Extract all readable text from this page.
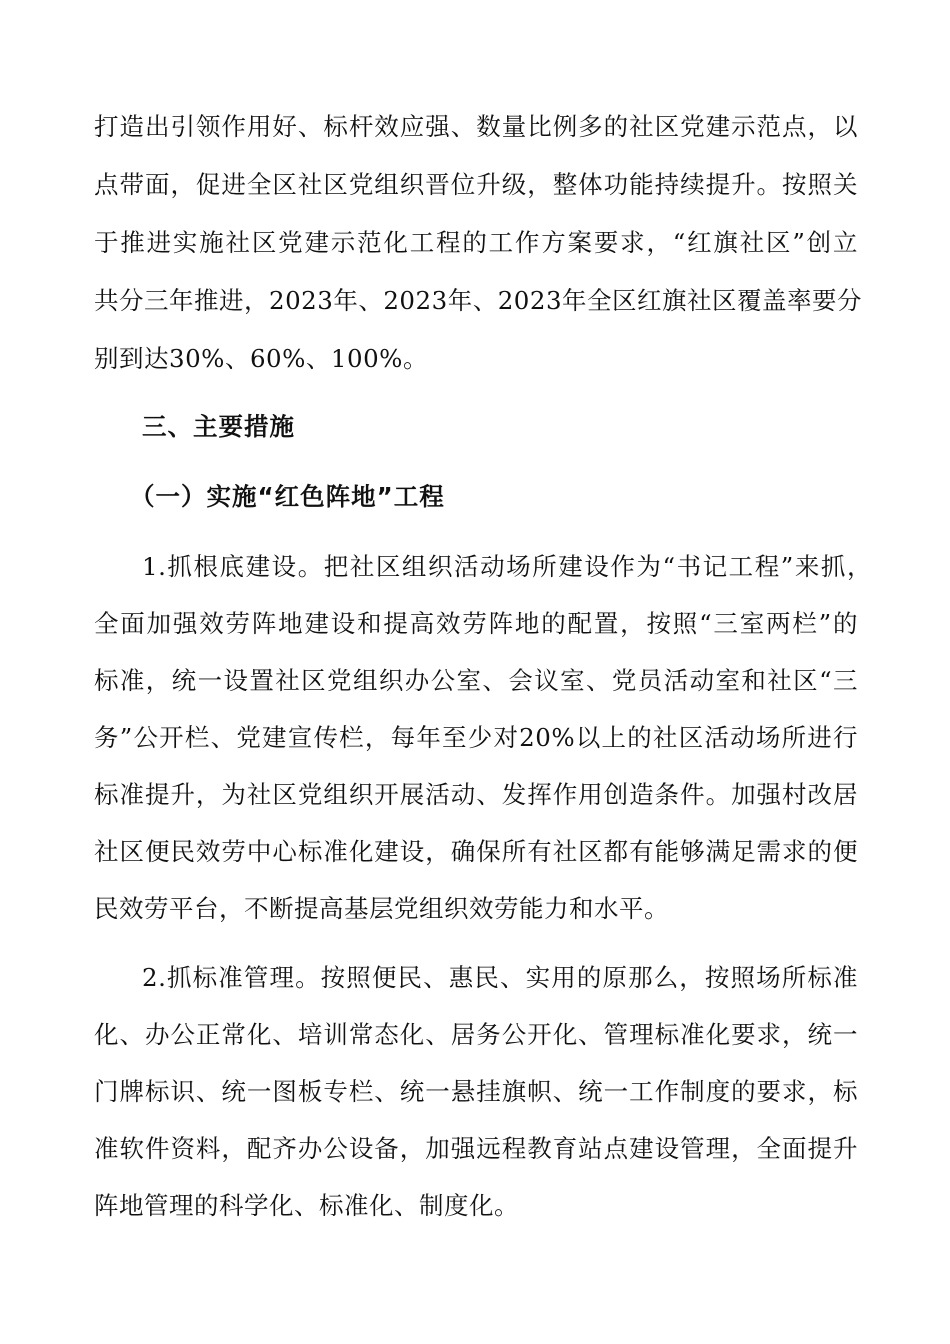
打造出引领作用好、标杆效应强、数量比例多的社区党建示范点，以
点带面，促进全区社区党组织晋位升级，整体功能持续提升。按照关
于推进实施社区党建示范化工程的工作方案要求，“红旗社区”创立
共分三年推进，2023年、2023年、2023年全区红旗社区覆盖率要分
别到达30%、60%、100%。
三、主要措施
（一）实施“红色阵地”工程
1.抓根底建设。把社区组织活动场所建设作为“书记工程”来抓，
全面加强效劳阵地建设和提高效劳阵地的配置，按照“三室两栏”的
标准，统一设置社区党组织办公室、会议室、党员活动室和社区“三
务”公开栏、党建宣传栏，每年至少对20%以上的社区活动场所进行
标准提升，为社区党组织开展活动、发挥作用创造条件。加强村改居
社区便民效劳中心标准化建设，确保所有社区都有能够满足需求的便
民效劳平台，不断提高基层党组织效劳能力和水平。
2.抓标准管理。按照便民、惠民、实用的原那么，按照场所标准
化、办公正常化、培训常态化、居务公开化、管理标准化要求，统一
门牌标识、统一图板专栏、统一悬挂旗帜、统一工作制度的要求，标
准软件资料，配齐办公设备，加强远程教育站点建设管理，全面提升
阵地管理的科学化、标准化、制度化。
